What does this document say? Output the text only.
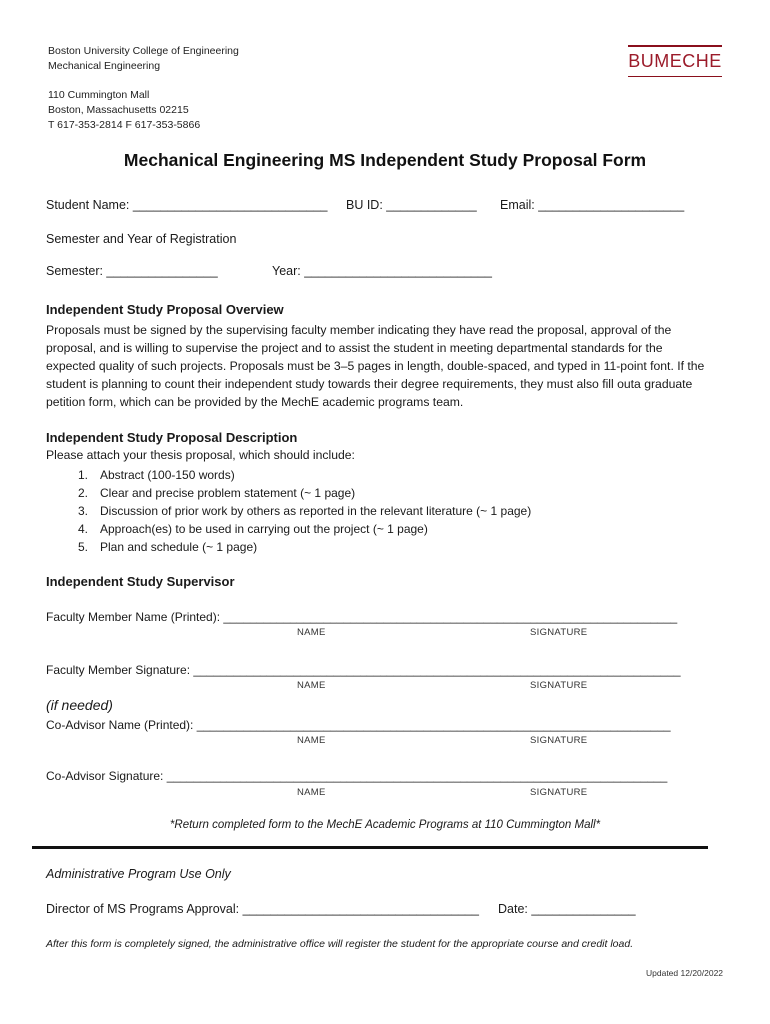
Boston University College of Engineering
Mechanical Engineering
110 Cummington Mall
Boston, Massachusetts 02215
T 617-353-2814 F 617-353-5866
BUMECHE
Mechanical Engineering MS Independent Study Proposal Form
Student Name: ____________________________ BU ID: _____________ Email: _____________________
Semester and Year of Registration
Semester: ________________	Year: ___________________________
Independent Study Proposal Overview
Proposals must be signed by the supervising faculty member indicating they have read the proposal, approval of the proposal, and is willing to supervise the project and to assist the student in meeting departmental standards for the expected quality of such projects. Proposals must be 3–5 pages in length, double-spaced, and typed in 11-point font. If the student is planning to count their independent study towards their degree requirements, they must also fill outa graduate petition form, which can be provided by the MechE academic programs team.
Independent Study Proposal Description
Please attach your thesis proposal, which should include:
1. Abstract (100-150 words)
2. Clear and precise problem statement (~ 1 page)
3. Discussion of prior work by others as reported in the relevant literature (~ 1 page)
4. Approach(es) to be used in carrying out the project (~ 1 page)
5. Plan and schedule (~ 1 page)
Independent Study Supervisor
Faculty Member Name (Printed): ____________________________________________________________________
NAME	SIGNATURE
Faculty Member Signature: _________________________________________________________________________
NAME	SIGNATURE
(if needed)
Co-Advisor Name (Printed): _______________________________________________________________________
NAME	SIGNATURE
Co-Advisor Signature: ___________________________________________________________________________
NAME	SIGNATURE
*Return completed form to the MechE Academic Programs at 110 Cummington Mall*
Administrative Program Use Only
Director of MS Programs Approval: __________________________________ Date: _______________
After this form is completely signed, the administrative office will register the student for the appropriate course and credit load.
Updated 12/20/2022
